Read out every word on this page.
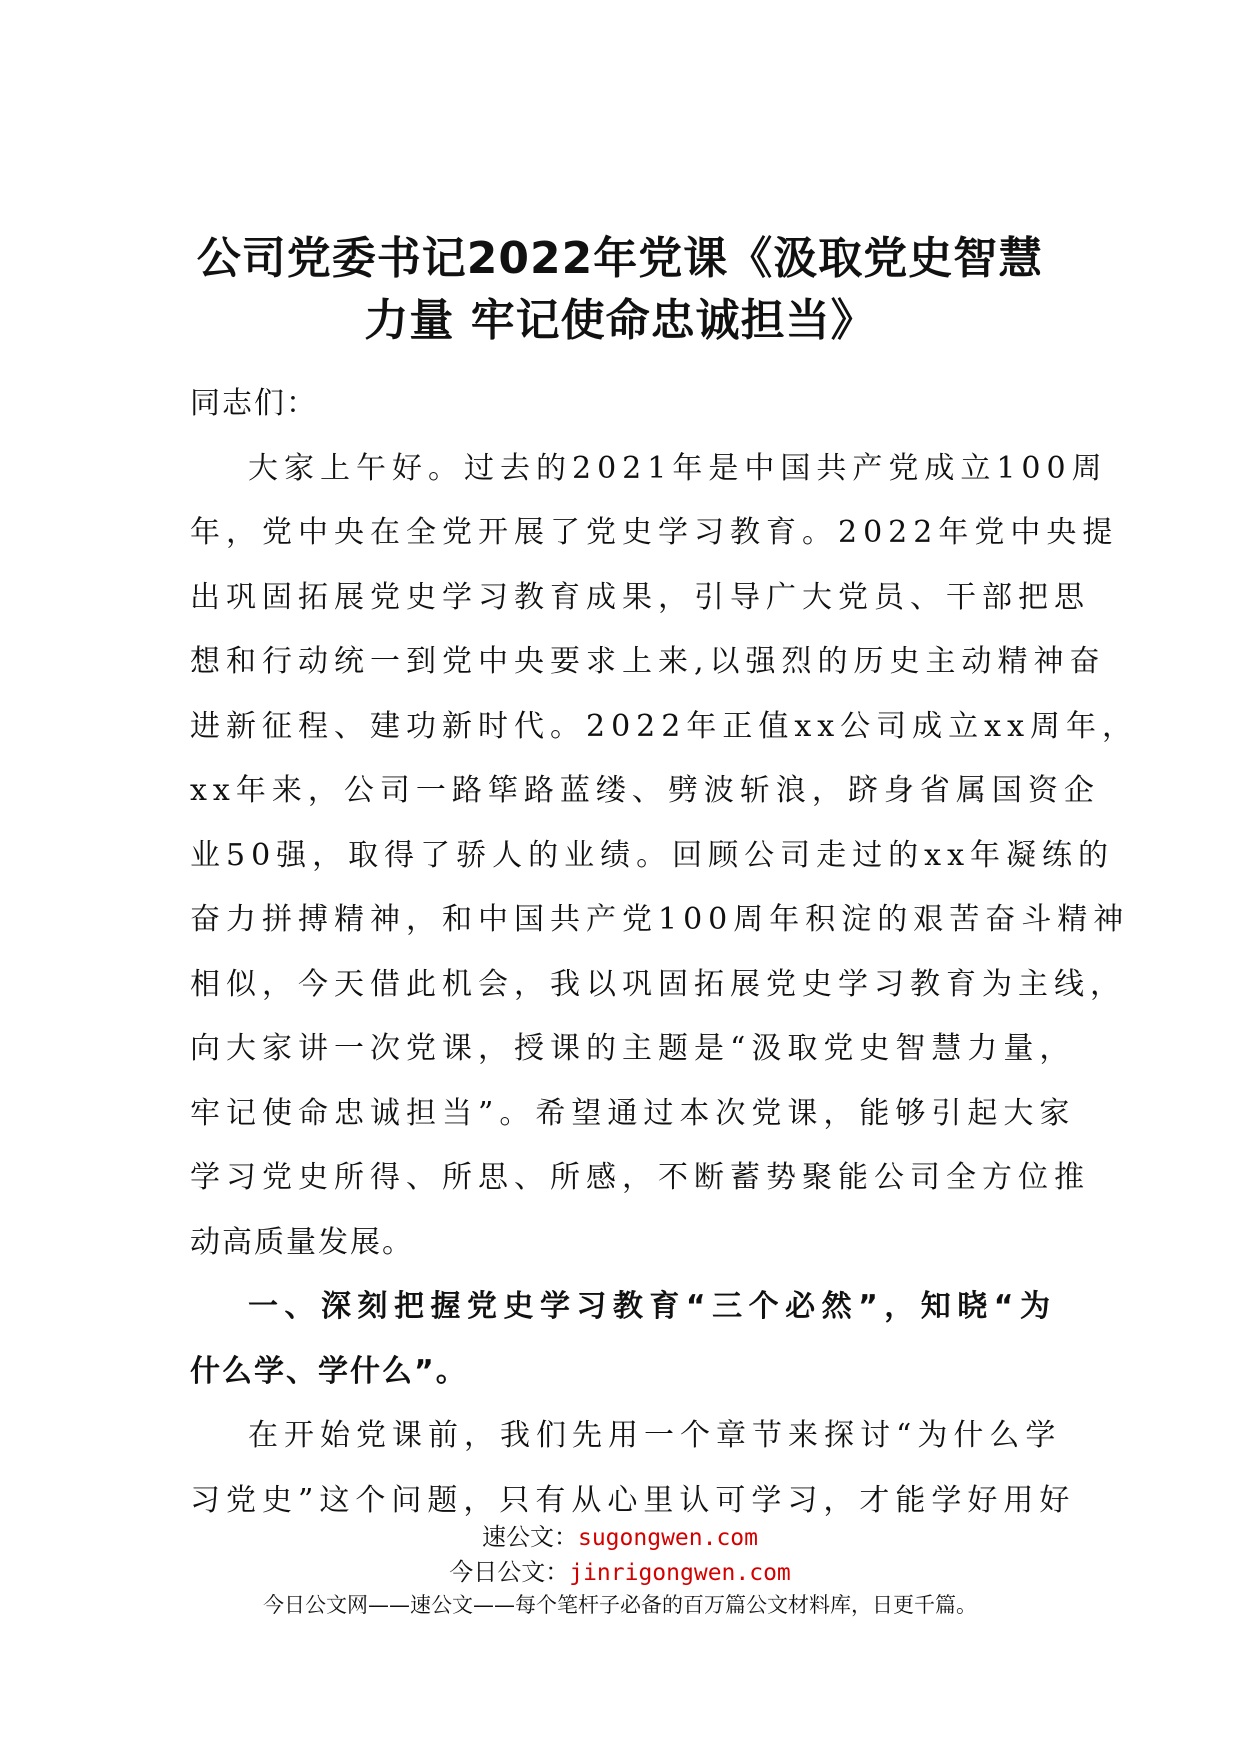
公司党委书记2022年党课《汲取党史智慧
力量 牢记使命忠诚担当》
同志们：
大家上午好。过去的2021年是中国共产党成立100周
年，党中央在全党开展了党史学习教育。2022年党中央提
出巩固拓展党史学习教育成果，引导广大党员、干部把思
想和行动统一到党中央要求上来,以强烈的历史主动精神奋
进新征程、建功新时代。2022年正值xx公司成立xx周年，
xx年来，公司一路筚路蓝缕、劈波斩浪，跻身省属国资企
业50强，取得了骄人的业绩。回顾公司走过的xx年凝练的
奋力拼搏精神，和中国共产党100周年积淀的艰苦奋斗精神
相似，今天借此机会，我以巩固拓展党史学习教育为主线，
向大家讲一次党课，授课的主题是“汲取党史智慧力量，
牢记使命忠诚担当”。希望通过本次党课，能够引起大家
学习党史所得、所思、所感，不断蓄势聚能公司全方位推
动高质量发展。
一、深刻把握党史学习教育“三个必然”，知晓“为
什么学、学什么”。
在开始党课前，我们先用一个章节来探讨“为什么学
习党史”这个问题，只有从心里认可学习，才能学好用好
速公文：sugongwen.com
今日公文：jinrigongwen.com
今日公文网——速公文——每个笔杆子必备的百万篇公文材料库，日更千篇。
